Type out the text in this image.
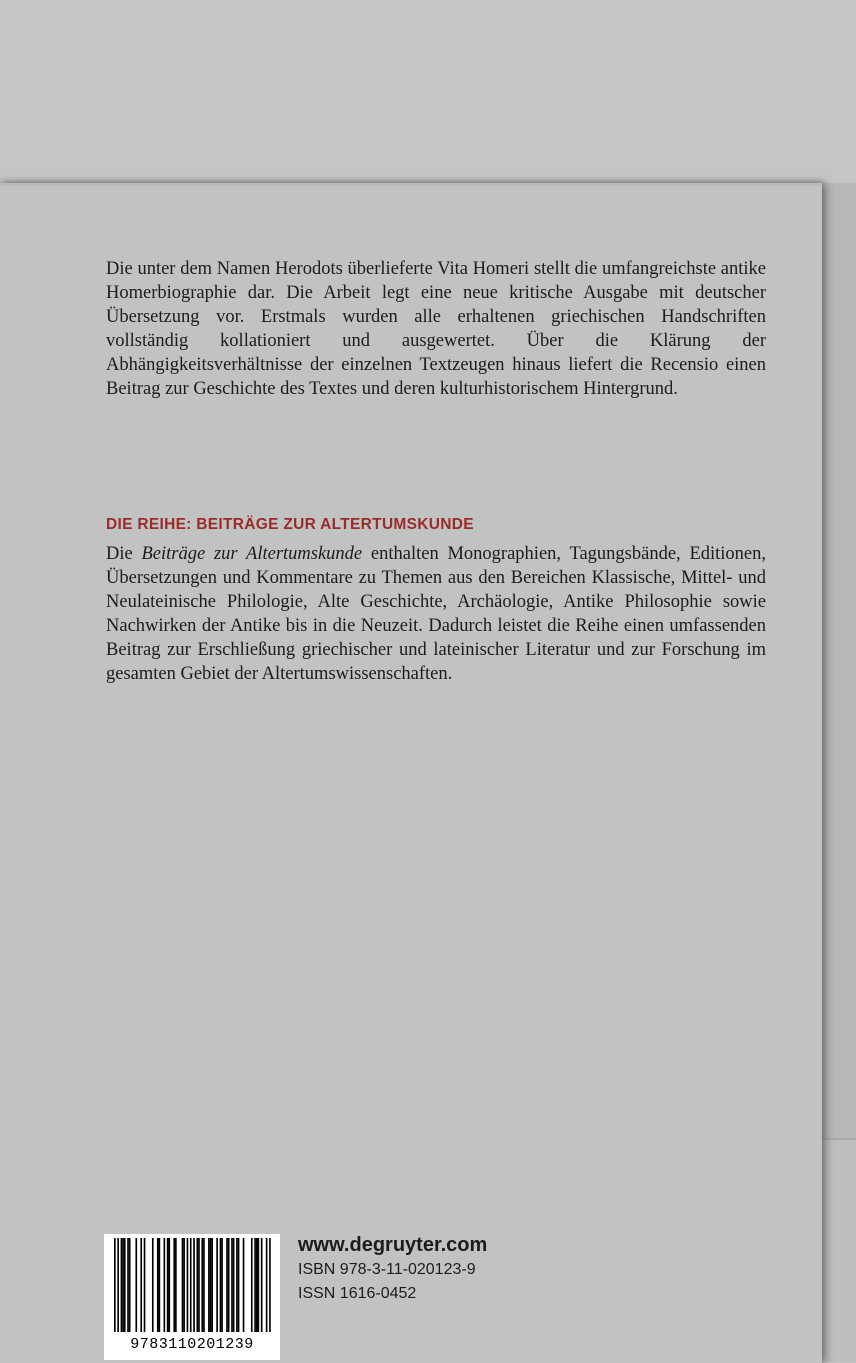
Die unter dem Namen Herodots überlieferte Vita Homeri stellt die umfangreichste antike Homerbiographie dar. Die Arbeit legt eine neue kritische Ausgabe mit deutscher Übersetzung vor. Erstmals wurden alle erhaltenen griechischen Handschriften vollständig kollationiert und ausgewertet. Über die Klärung der Abhängigkeitsverhältnisse der einzelnen Textzeugen hinaus liefert die Recensio einen Beitrag zur Geschichte des Textes und deren kulturhistorischem Hintergrund.
DIE REIHE: BEITRÄGE ZUR ALTERTUMSKUNDE
Die Beiträge zur Altertumskunde enthalten Monographien, Tagungsbände, Editionen, Übersetzungen und Kommentare zu Themen aus den Bereichen Klassische, Mittel- und Neulateinische Philologie, Alte Geschichte, Archäologie, Antike Philosophie sowie Nachwirken der Antike bis in die Neuzeit. Dadurch leistet die Reihe einen umfassenden Beitrag zur Erschließung griechischer und lateinischer Literatur und zur Forschung im gesamten Gebiet der Altertumswissenschaften.
9783110201239
www.degruyter.com
ISBN 978-3-11-020123-9
ISSN 1616-0452
